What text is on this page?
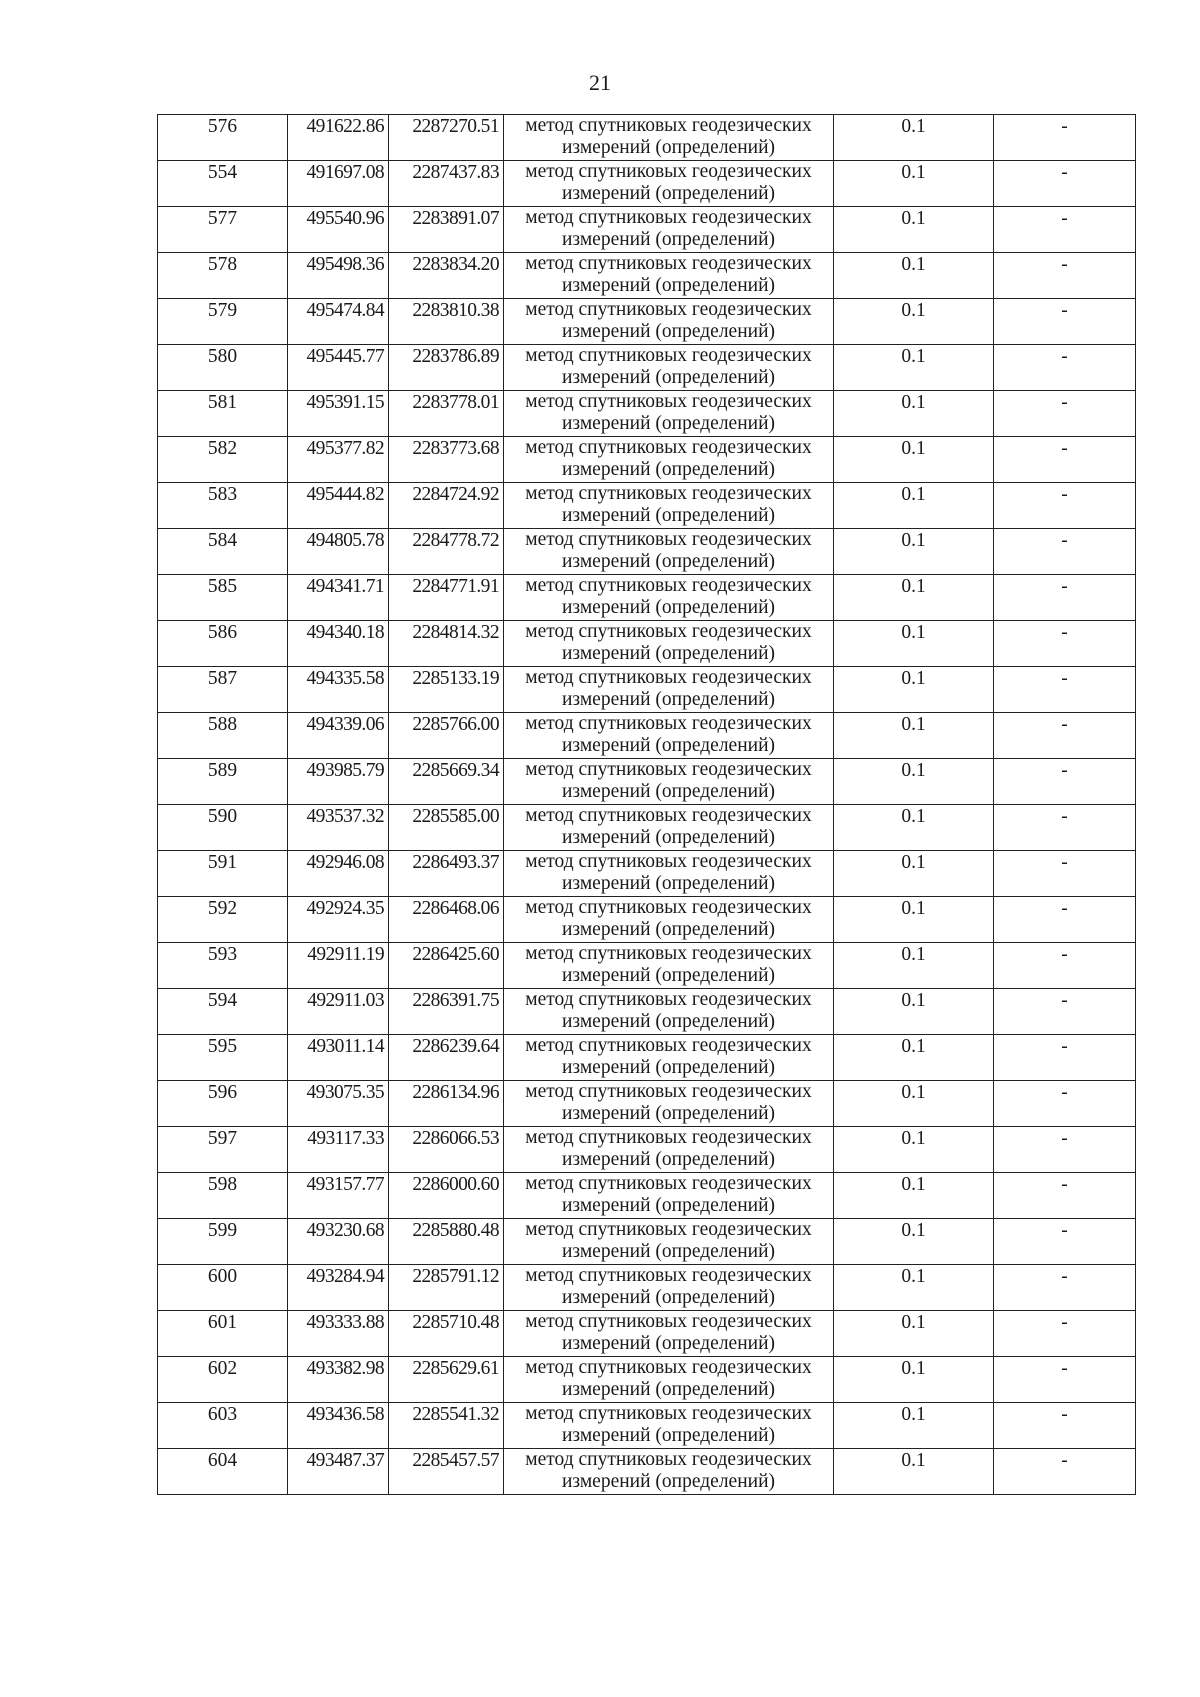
21
576	491622.86	2287270.51	метод спутниковых геодезических
измерений (определений)	0.1	-

554	491697.08	2287437.83	метод спутниковых геодезических
измерений (определений)	0.1	-

577	495540.96	2283891.07	метод спутниковых геодезических
измерений (определений)	0.1	-

578	495498.36	2283834.20	метод спутниковых геодезических
измерений (определений)	0.1	-

579	495474.84	2283810.38	метод спутниковых геодезических
измерений (определений)	0.1	-

580	495445.77	2283786.89	метод спутниковых геодезических
измерений (определений)	0.1	-

581	495391.15	2283778.01	метод спутниковых геодезических
измерений (определений)	0.1	-

582	495377.82	2283773.68	метод спутниковых геодезических
измерений (определений)	0.1	-

583	495444.82	2284724.92	метод спутниковых геодезических
измерений (определений)	0.1	-

584	494805.78	2284778.72	метод спутниковых геодезических
измерений (определений)	0.1	-

585	494341.71	2284771.91	метод спутниковых геодезических
измерений (определений)	0.1	-

586	494340.18	2284814.32	метод спутниковых геодезических
измерений (определений)	0.1	-

587	494335.58	2285133.19	метод спутниковых геодезических
измерений (определений)	0.1	-

588	494339.06	2285766.00	метод спутниковых геодезических
измерений (определений)	0.1	-

589	493985.79	2285669.34	метод спутниковых геодезических
измерений (определений)	0.1	-

590	493537.32	2285585.00	метод спутниковых геодезических
измерений (определений)	0.1	-

591	492946.08	2286493.37	метод спутниковых геодезических
измерений (определений)	0.1	-

592	492924.35	2286468.06	метод спутниковых геодезических
измерений (определений)	0.1	-

593	492911.19	2286425.60	метод спутниковых геодезических
измерений (определений)	0.1	-

594	492911.03	2286391.75	метод спутниковых геодезических
измерений (определений)	0.1	-

595	493011.14	2286239.64	метод спутниковых геодезических
измерений (определений)	0.1	-

596	493075.35	2286134.96	метод спутниковых геодезических
измерений (определений)	0.1	-

597	493117.33	2286066.53	метод спутниковых геодезических
измерений (определений)	0.1	-

598	493157.77	2286000.60	метод спутниковых геодезических
измерений (определений)	0.1	-

599	493230.68	2285880.48	метод спутниковых геодезических
измерений (определений)	0.1	-

600	493284.94	2285791.12	метод спутниковых геодезических
измерений (определений)	0.1	-

601	493333.88	2285710.48	метод спутниковых геодезических
измерений (определений)	0.1	-

602	493382.98	2285629.61	метод спутниковых геодезических
измерений (определений)	0.1	-

603	493436.58	2285541.32	метод спутниковых геодезических
измерений (определений)	0.1	-

604	493487.37	2285457.57	метод спутниковых геодезических
измерений (определений)	0.1	-
